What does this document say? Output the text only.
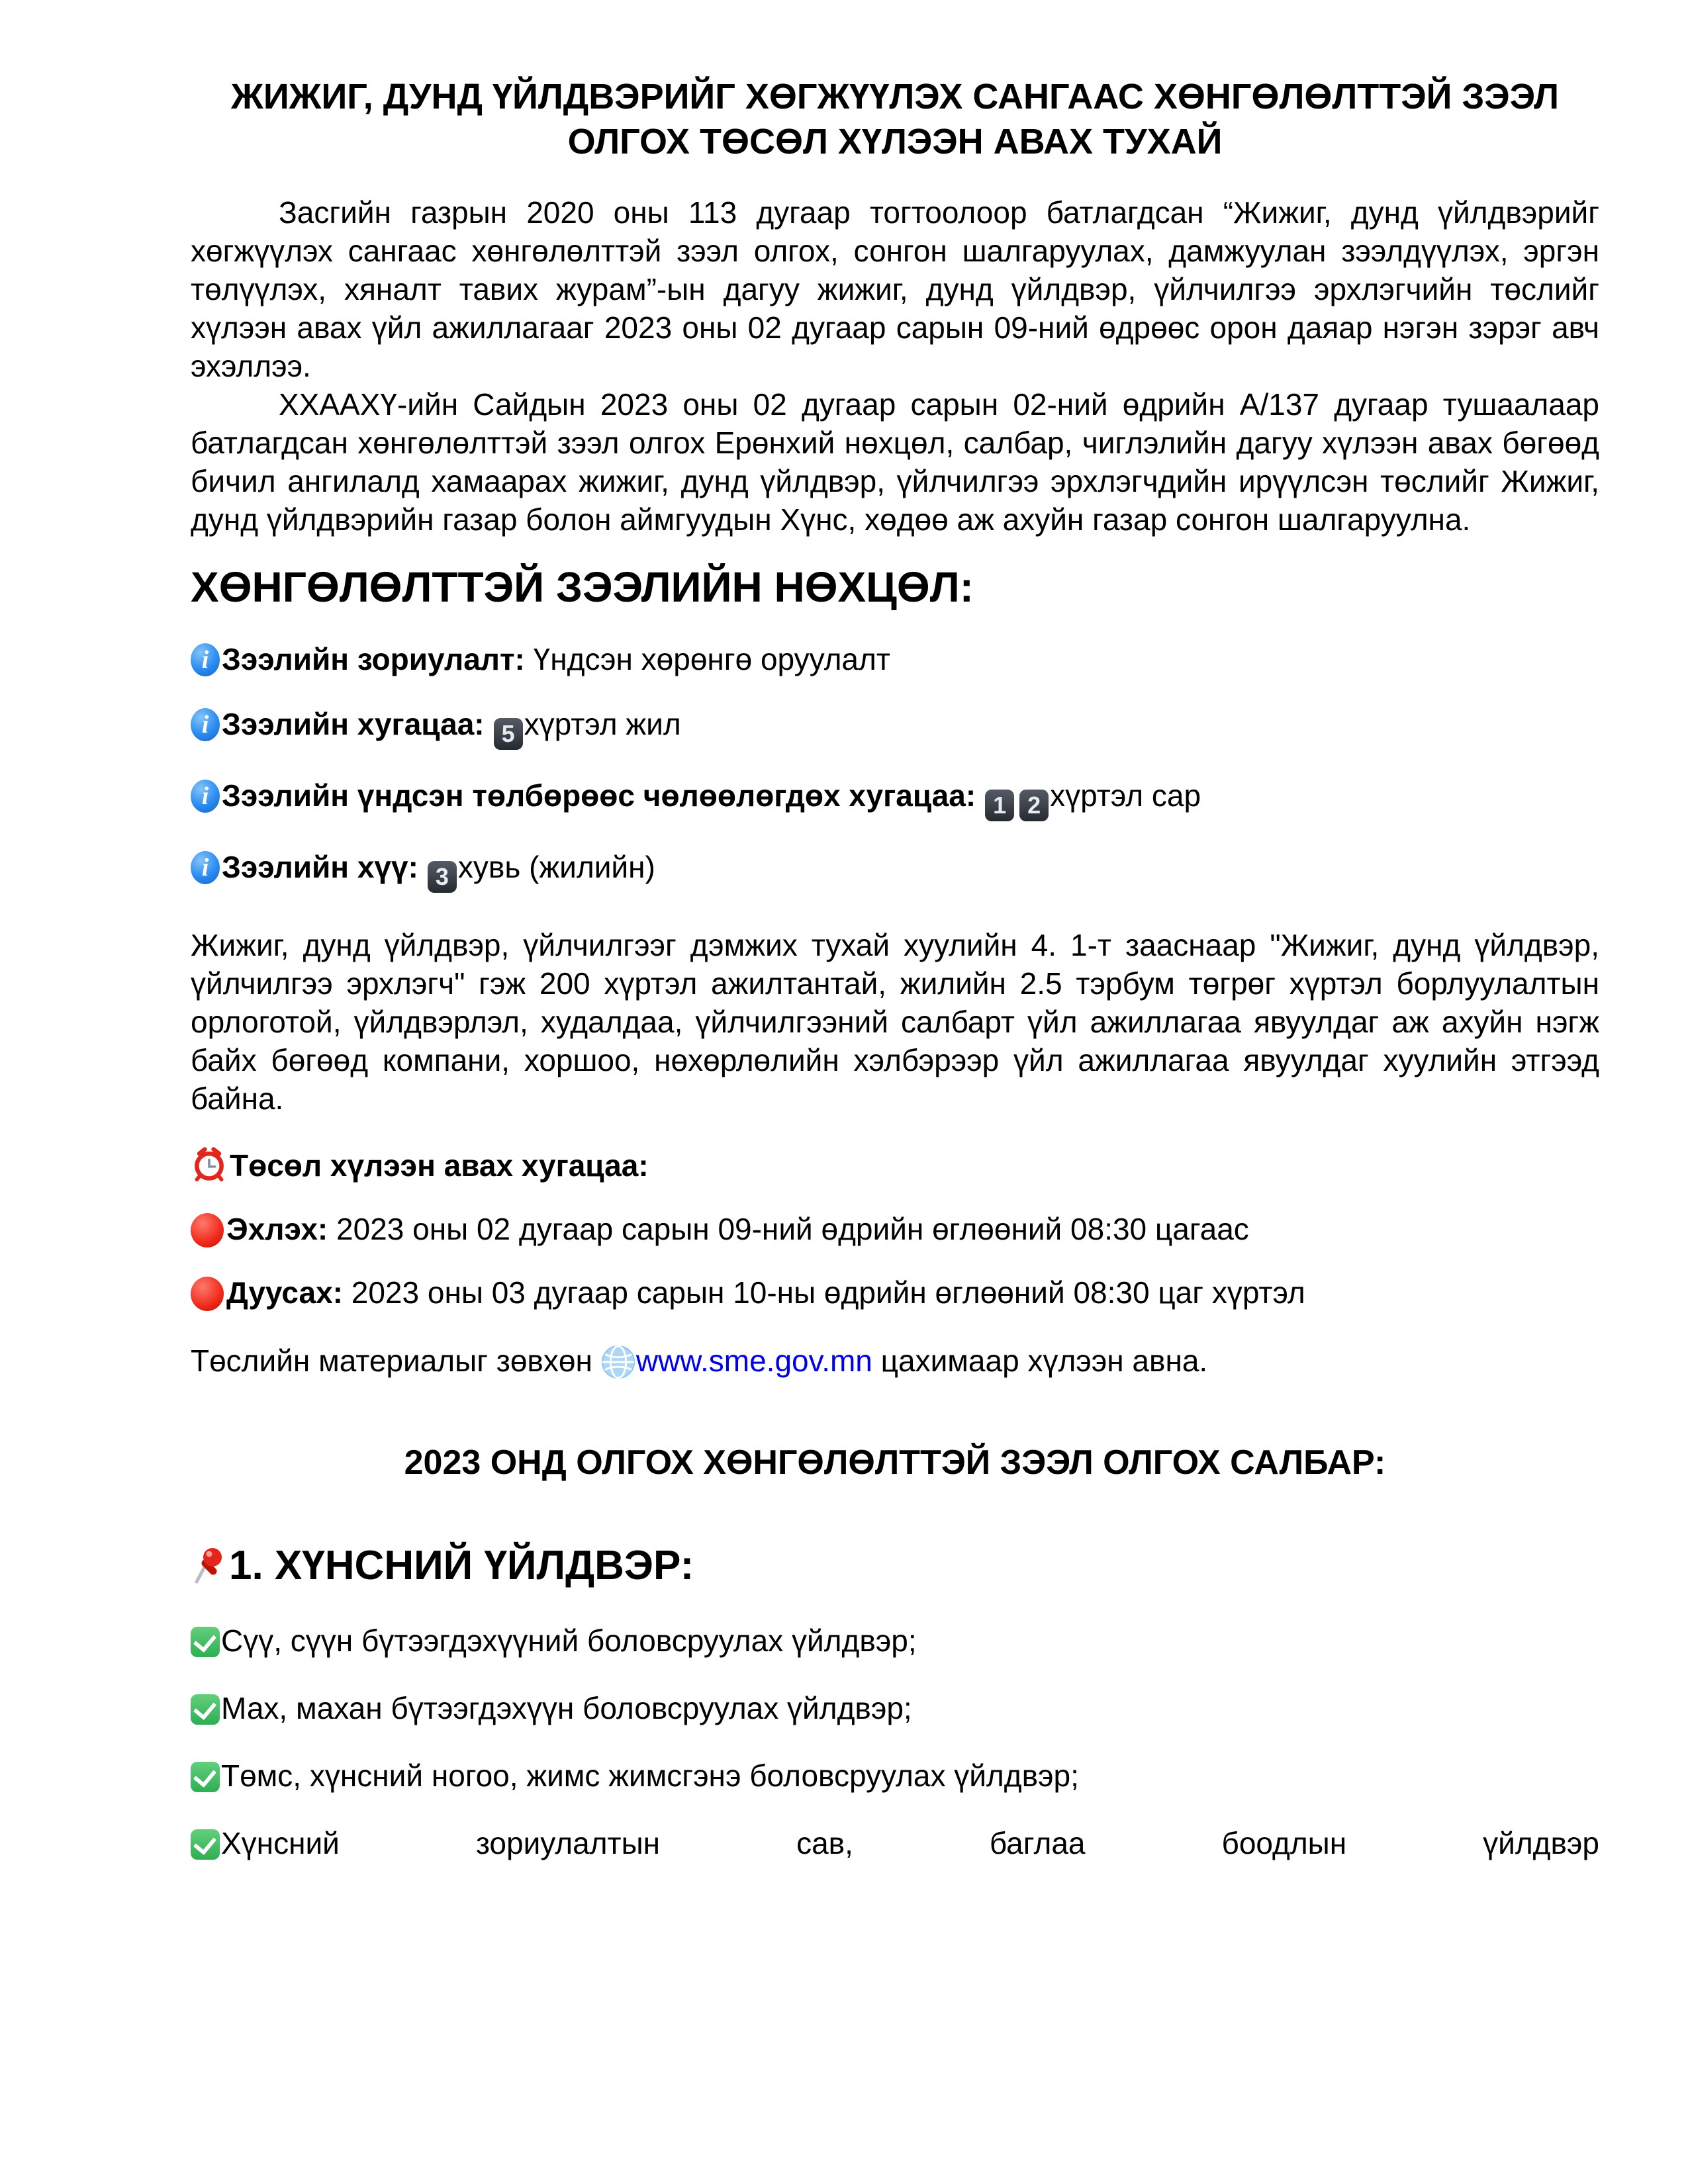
ЖИЖИГ, ДУНД ҮЙЛДВЭРИЙГ ХӨГЖҮҮЛЭХ САНГААС ХӨНГӨЛӨЛТТЭЙ ЗЭЭЛ
ОЛГОХ ТӨСӨЛ ХҮЛЭЭН АВАХ ТУХАЙ

Засгийн газрын 2020 оны 113 дугаар тогтоолоор батлагдсан “Жижиг, дунд үйлдвэрийг хөгжүүлэх сангаас хөнгөлөлттэй зээл олгох, сонгон шалгаруулах, дамжуулан зээлдүүлэх, эргэн төлүүлэх, хяналт тавих журам”-ын дагуу жижиг, дунд үйлдвэр, үйлчилгээ эрхлэгчийн төслийг хүлээн авах үйл ажиллагааг 2023 оны 02 дугаар сарын 09-ний өдрөөс орон даяар нэгэн зэрэг авч эхэллээ.

ХХААХҮ-ийн Сайдын 2023 оны 02 дугаар сарын 02-ний өдрийн А/137 дугаар тушаалаар батлагдсан хөнгөлөлттэй зээл олгох Ерөнхий нөхцөл, салбар, чиглэлийн дагуу хүлээн авах бөгөөд бичил ангилалд хамаарах жижиг, дунд үйлдвэр, үйлчилгээ эрхлэгчдийн ирүүлсэн төслийг Жижиг, дунд үйлдвэрийн газар болон аймгуудын Хүнс, хөдөө аж ахуйн газар сонгон шалгаруулна.

ХӨНГӨЛӨЛТТЭЙ ЗЭЭЛИЙН НӨХЦӨЛ:
iЗээлийн зориулалт: Үндсэн хөрөнгө оруулалт
iЗээлийн хугацаа: 5 хүртэл жил
iЗээлийн үндсэн төлбөрөөс чөлөөлөгдөх хугацаа: 1 2 хүртэл сар
iЗээлийн хүү: 3 хувь (жилийн)

Жижиг, дунд үйлдвэр, үйлчилгээг дэмжих тухай хуулийн 4. 1-т зааснаар "Жижиг, дунд үйлдвэр, үйлчилгээ эрхлэгч" гэж 200 хүртэл ажилтантай, жилийн 2.5 тэрбум төгрөг хүртэл борлуулалтын орлоготой, үйлдвэрлэл, худалдаа, үйлчилгээний салбарт үйл ажиллагаа явуулдаг аж ахуйн нэгж байх бөгөөд компани, хоршоо, нөхөрлөлийн хэлбэрээр үйл ажиллагаа явуулдаг хуулийн этгээд байна.

Төсөл хүлээн авах хугацаа:
Эхлэх: 2023 оны 02 дугаар сарын 09-ний өдрийн өглөөний 08:30 цагаас
Дуусах: 2023 оны 03 дугаар сарын 10-ны өдрийн өглөөний 08:30 цаг хүртэл
Төслийн материалыг зөвхөн www.sme.gov.mn цахимаар хүлээн авна.
2023 ОНД ОЛГОХ ХӨНГӨЛӨЛТТЭЙ ЗЭЭЛ ОЛГОХ САЛБАР:
1. ХҮНСНИЙ ҮЙЛДВЭР:
Сүү, сүүн бүтээгдэхүүний боловсруулах үйлдвэр;
Мах, махан бүтээгдэхүүн боловсруулах үйлдвэр;
Төмс, хүнсний ногоо, жимс жимсгэнэ боловсруулах үйлдвэр;
Хүнсний зориулалтын сав, баглаа боодлын үйлдвэр
